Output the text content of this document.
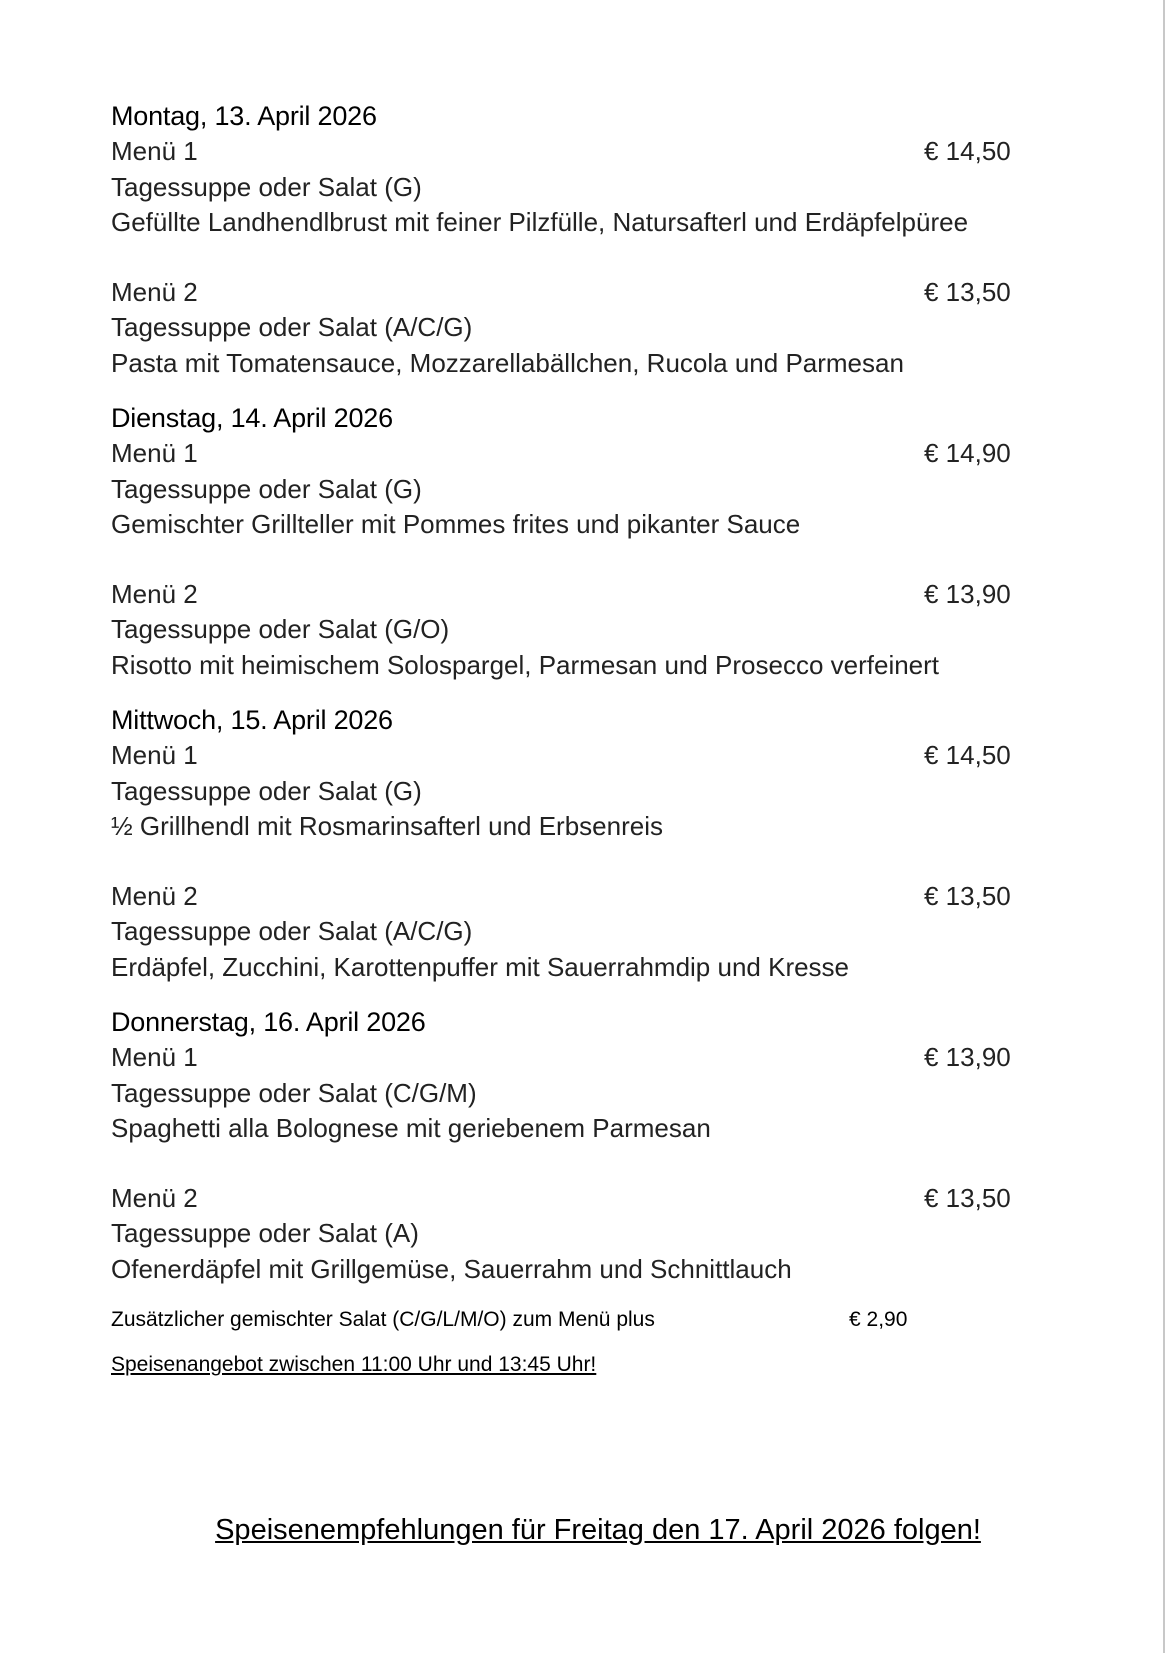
Montag, 13. April 2026
Menü 1	€ 14,50
Tagessuppe oder Salat (G)
Gefüllte Landhendlbrust mit feiner Pilzfülle, Natursafterl und Erdäpfelpüree
Menü 2	€ 13,50
Tagessuppe oder Salat (A/C/G)
Pasta mit Tomatensauce, Mozzarellabällchen, Rucola und Parmesan
Dienstag, 14. April 2026
Menü 1	€ 14,90
Tagessuppe oder Salat (G)
Gemischter Grillteller mit Pommes frites und pikanter Sauce
Menü 2	€ 13,90
Tagessuppe oder Salat (G/O)
Risotto mit heimischem Solospargel, Parmesan und Prosecco verfeinert
Mittwoch, 15. April 2026
Menü 1	€ 14,50
Tagessuppe oder Salat (G)
½ Grillhendl mit Rosmarinsafterl und Erbsenreis
Menü 2	€ 13,50
Tagessuppe oder Salat (A/C/G)
Erdäpfel, Zucchini, Karottenpuffer mit Sauerrahmdip und Kresse
Donnerstag, 16. April 2026
Menü 1	€ 13,90
Tagessuppe oder Salat (C/G/M)
Spaghetti alla Bolognese mit geriebenem Parmesan
Menü 2	€ 13,50
Tagessuppe oder Salat (A)
Ofenerdäpfel mit Grillgemüse, Sauerrahm und Schnittlauch
Zusätzlicher gemischter Salat (C/G/L/M/O) zum Menü plus	€ 2,90
Speisenangebot zwischen 11:00 Uhr und 13:45 Uhr!
Speisenempfehlungen für Freitag den 17. April 2026 folgen!
